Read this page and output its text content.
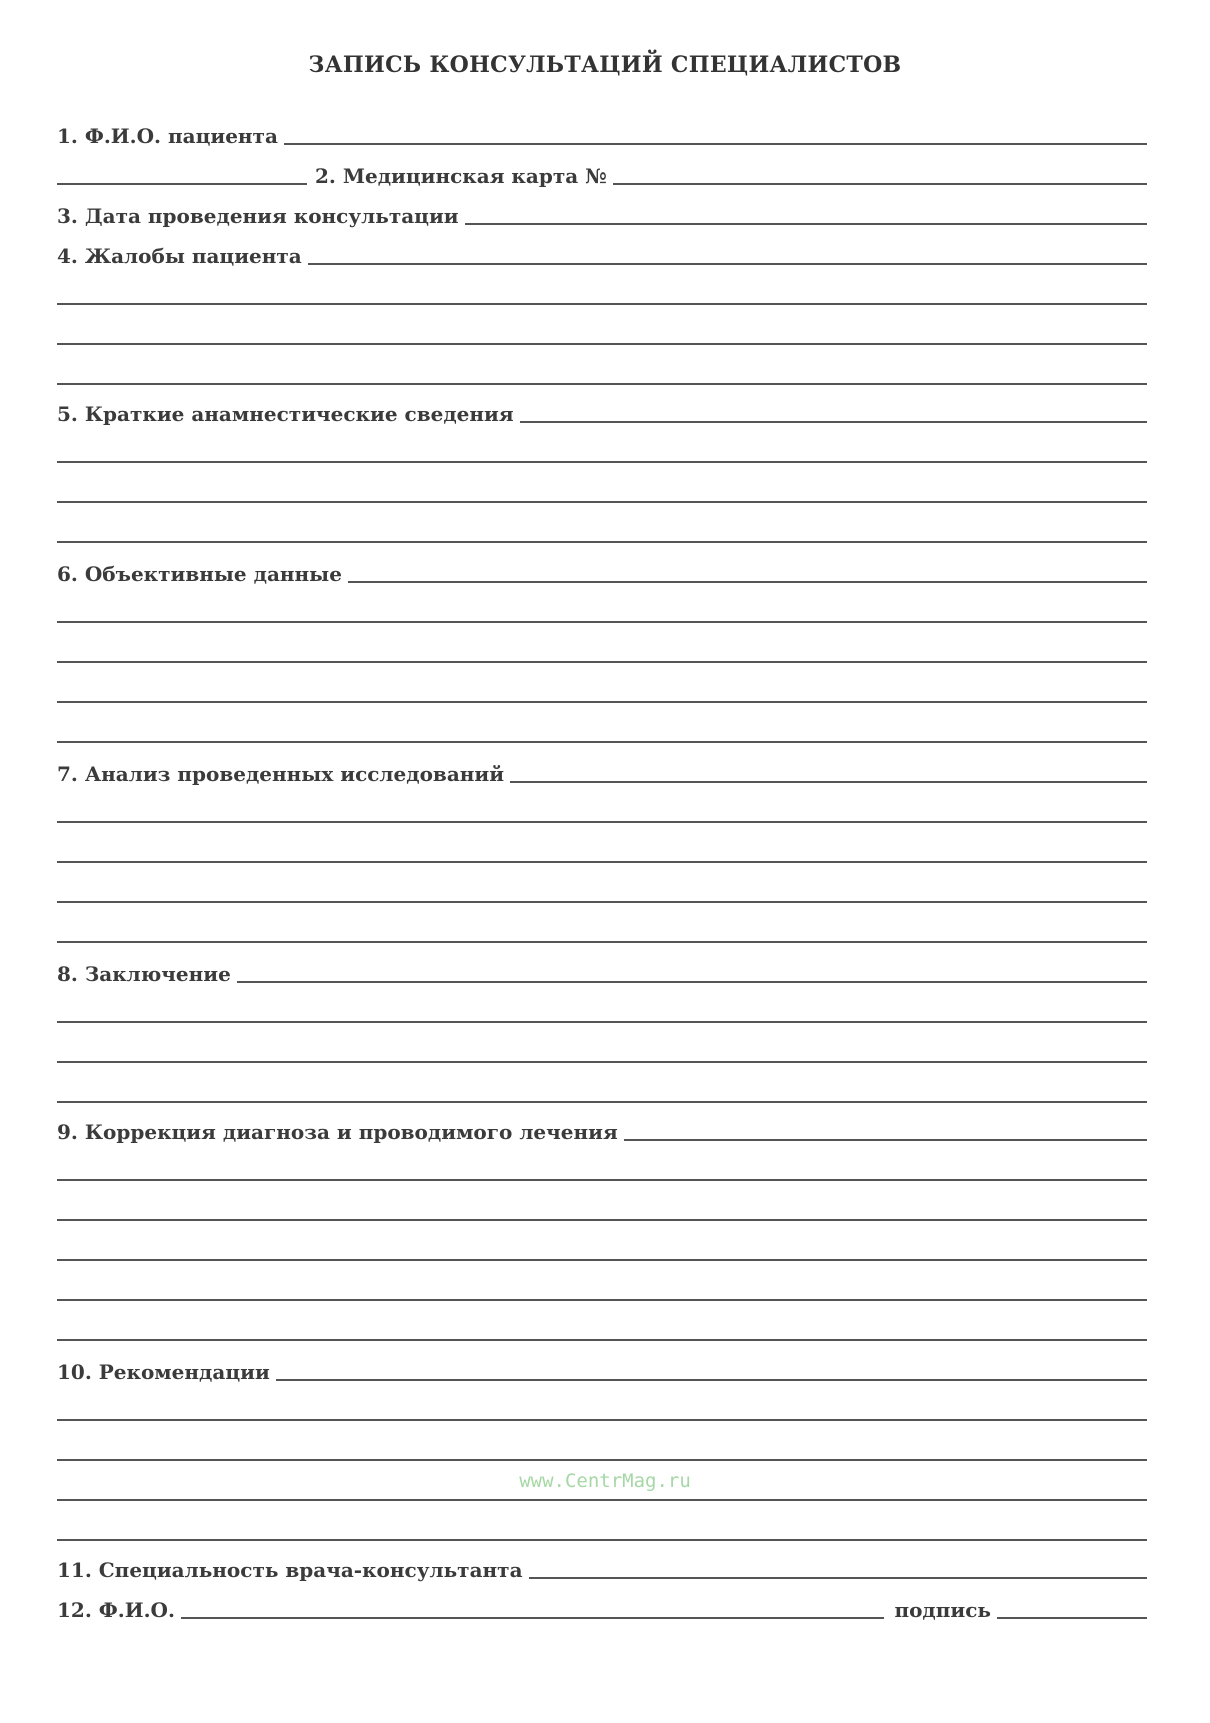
ЗАПИСЬ КОНСУЛЬТАЦИЙ СПЕЦИАЛИСТОВ
1. Ф.И.О. пациента
2. Медицинская карта №
3. Дата проведения консультации
4. Жалобы пациента
5. Краткие анамнестические сведения
6. Объективные данные
7. Анализ проведенных исследований
8. Заключение
9. Коррекция диагноза и проводимого лечения
10. Рекомендации
11. Специальность врача-консультанта
12. Ф.И.О.	подпись
www.CentrMag.ru
